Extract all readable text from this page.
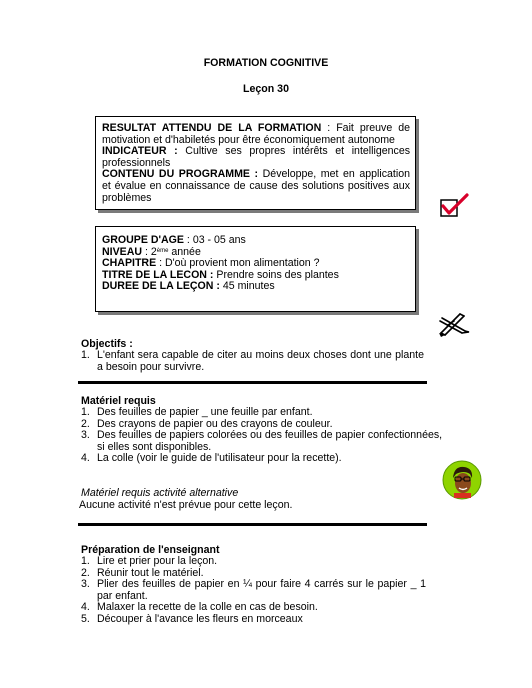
FORMATION COGNITIVE
Leçon 30

RESULTAT ATTENDU DE LA FORMATION : Fait preuve de motivation et d'habiletés pour être économiquement autonome

INDICATEUR : Cultive ses propres intérêts et intelligences professionnels

CONTENU DU PROGRAMME : Développe, met en application et évalue en connaissance de cause des solutions positives aux problèmes

GROUPE D'AGE : 03 - 05 ans

NIVEAU : 2ème année

CHAPITRE : D'où provient mon alimentation ?

TITRE DE LA LECON : Prendre soins des plantes

DUREE DE LA LEÇON : 45 minutes

Objectifs :
1. L'enfant sera capable de citer au moins deux choses dont une plante a besoin pour survivre.
Matériel requis
1. Des feuilles de papier _ une feuille par enfant.
2. Des crayons de papier ou des crayons de couleur.
3. Des feuilles de papiers colorées ou des feuilles de papier confectionnées, si elles sont disponibles.
4. La colle (voir le guide de l'utilisateur pour la recette).
Matériel requis activité alternative
Aucune activité n'est prévue pour cette leçon.
Préparation de l'enseignant
1. Lire et prier pour la leçon.
2. Réunir tout le matériel.
3. Plier des feuilles de papier en ¼ pour faire 4 carrés sur le papier _ 1 par enfant.
4. Malaxer la recette de la colle en cas de besoin.
5. Découper à l'avance les fleurs en morceaux
